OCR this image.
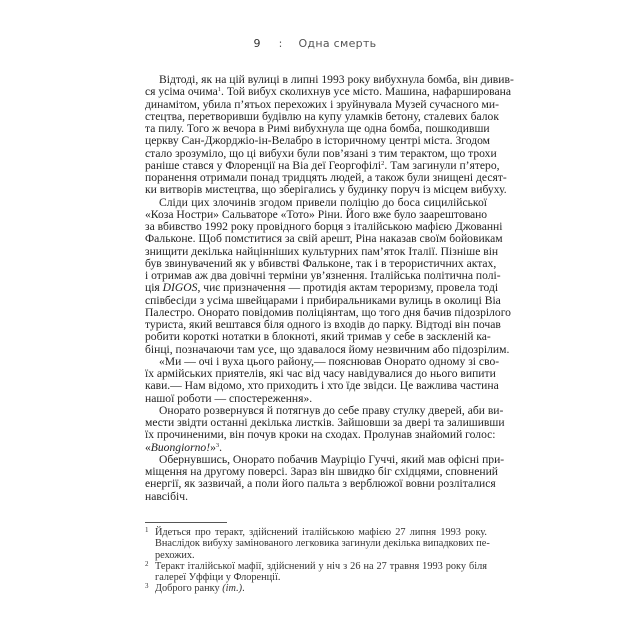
9 : Одна смерть
Відтоді, як на цій вулиці в липні 1993 року вибухнула бомба, він дивив-
ся усіма очима$^1$. Той вибух сколихнув усе місто. Машина, нафарширована
динамітом, убила п’ятьох перехожих і зруйнувала Музей сучасного ми-
стецтва, перетворивши будівлю на купу уламків бетону, сталевих балок
та пилу. Того ж вечора в Римі вибухнула ще одна бомба, пошкодивши
церкву Сан-Джорджіо-ін-Велабро в історичному центрі міста. Згодом
стало зрозуміло, що ці вибухи були пов’язані з тим терактом, що трохи
раніше стався у Флоренції на Віа деї Георгофілі$^2$. Там загинули п’ятеро,
поранення отримали понад тридцять людей, а також були знищені десят-
ки витворів мистецтва, що зберігались у будинку поруч із місцем вибуху.
Сліди цих злочинів згодом привели поліцію до боса сицилійської
«Коза Ностри» Сальваторе «Тото» Ріни. Його вже було заарештовано
за вбивство 1992 року провідного борця з італійською мафією Джованні
Фальконе. Щоб помститися за свій арешт, Ріна наказав своїм бойовикам
знищити декілька найцінніших культурних пам’яток Італії. Пізніше він
був звинувачений як у вбивстві Фальконе, так і в терористичних актах,
і отримав аж два довічні терміни ув’язнення. Італійська політична полі-
ція DIGOS, чиє призначення — протидія актам тероризму, провела тоді
співбесіди з усіма швейцарами і прибиральниками вулиць в околиці Віа
Палестро. Онорато повідомив поліціянтам, що того дня бачив підозрілого
туриста, який вештався біля одного із входів до парку. Відтоді він почав
робити короткі нотатки в блокноті, який тримав у себе в засклeній ка-
бінці, позначаючи там усе, що здавалося йому незвичним або підозрілим.
«Ми — очі і вуха цього району,— пояснював Онорато одному зі сво-
їх армійських приятелів, які час від часу навідувалися до нього випити
кави.— Нам відомо, хто приходить і хто їде звідси. Це важлива частина
нашої роботи — спостереження».
Онорато розвернувся й потягнув до себе праву стулку дверей, аби ви-
мести звідти останні декілька листків. Зайшовши за двері та залишивши
їх прочиненими, він почув кроки на сходах. Пролунав знайомий голос:
«Buongiorno!»$^3$.
Обернувшись, Онорато побачив Мауріціо Гуччі, який мав офісні при-
міщення на другому поверсі. Зараз він швидко біг східцями, сповнений
енергії, як зазвичай, а поли його пальта з верблюжої вовни розліталися
навсібіч.
1 Йдеться про теракт, здійснений італійською мафією 27 липня 1993 року.
Внаслідок вибуху замінованого легковика загинули декілька випадкових пе-
рехожих.
2 Теракт італійської мафії, здійснений у ніч з 26 на 27 травня 1993 року біля
галереї Уффіци у Флоренції.
3 Доброго ранку (іт.).
